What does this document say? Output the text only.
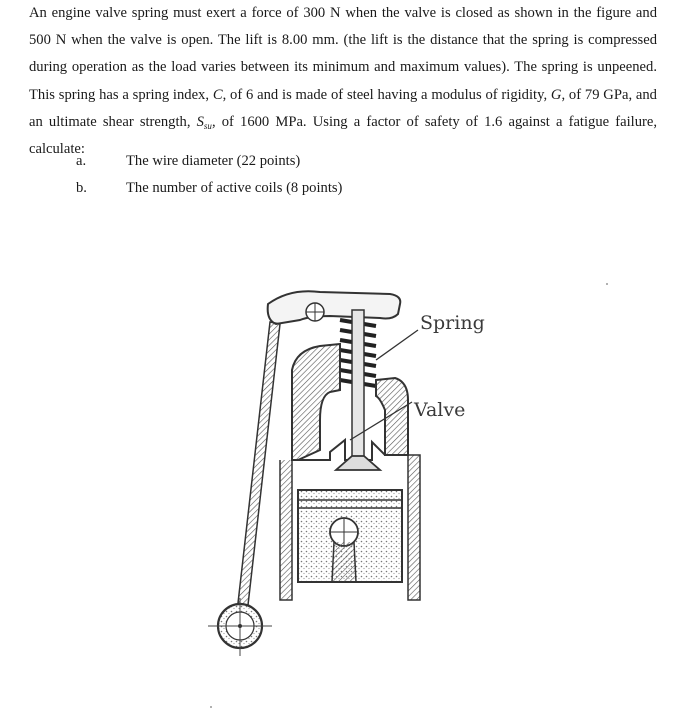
An engine valve spring must exert a force of 300 N when the valve is closed as shown in the figure and
500 N when the valve is open. The lift is 8.00 mm. (the lift is the distance that the spring is compressed
during operation as the load varies between its minimum and maximum values). The spring is unpeened.
This spring has a spring index, C, of 6 and is made of steel having a modulus of rigidity, G, of 79 GPa, and
an ultimate shear strength, $S_{su}$, of 1600 MPa. Using a factor of safety of 1.6 against a fatigue failure,
calculate:
a.	The wire diameter (22 points)
b.	The number of active coils (8 points)
Spring
Valve
